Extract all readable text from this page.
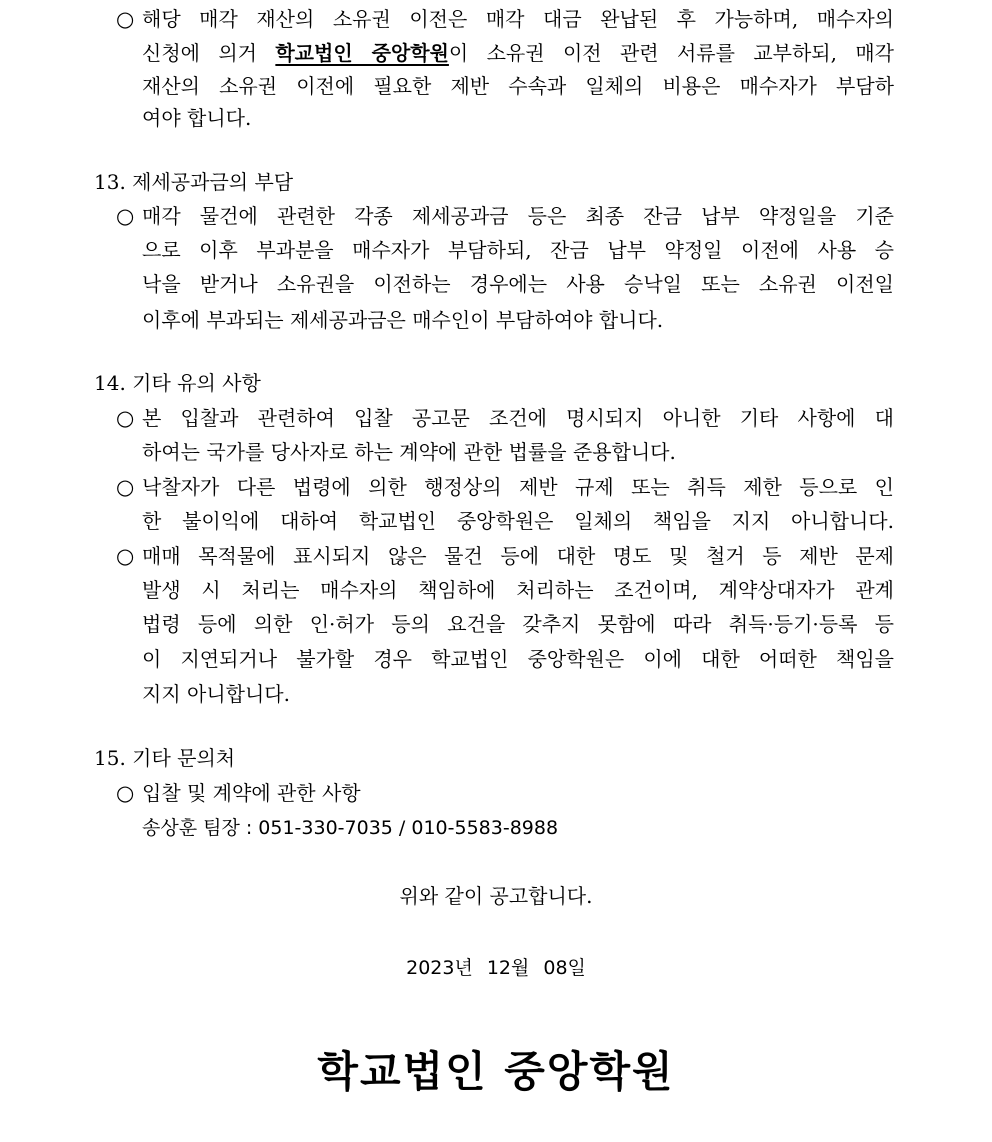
○ 해당 매각 재산의 소유권 이전은 매각 대금 완납된 후 가능하며, 매수자의
신청에 의거 학교법인 중앙학원이 소유권 이전 관련 서류를 교부하되, 매각
재산의 소유권 이전에 필요한 제반 수속과 일체의 비용은 매수자가 부담하
여야 합니다.
13. 제세공과금의 부담
○ 매각 물건에 관련한 각종 제세공과금 등은 최종 잔금 납부 약정일을 기준
으로 이후 부과분을 매수자가 부담하되, 잔금 납부 약정일 이전에 사용 승
낙을 받거나 소유권을 이전하는 경우에는 사용 승낙일 또는 소유권 이전일
이후에 부과되는 제세공과금은 매수인이 부담하여야 합니다.
14. 기타 유의 사항
○ 본 입찰과 관련하여 입찰 공고문 조건에 명시되지 아니한 기타 사항에 대
하여는 국가를 당사자로 하는 계약에 관한 법률을 준용합니다.
○ 낙찰자가 다른 법령에 의한 행정상의 제반 규제 또는 취득 제한 등으로 인
한 불이익에 대하여 학교법인 중앙학원은 일체의 책임을 지지 아니합니다.
○ 매매 목적물에 표시되지 않은 물건 등에 대한 명도 및 철거 등 제반 문제
발생 시 처리는 매수자의 책임하에 처리하는 조건이며, 계약상대자가 관계
법령 등에 의한 인·허가 등의 요건을 갖추지 못함에 따라 취득·등기·등록 등
이 지연되거나 불가할 경우 학교법인 중앙학원은 이에 대한 어떠한 책임을
지지 아니합니다.
15. 기타 문의처
○ 입찰 및 계약에 관한 사항
송상훈 팀장 : 051-330-7035 / 010-5583-8988
위와 같이 공고합니다.
2023년 12월 08일
학교법인 중앙학원
